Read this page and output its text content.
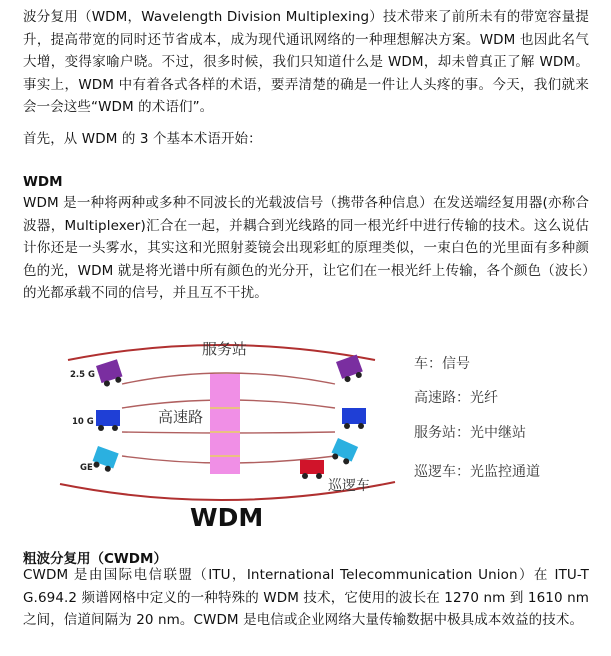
波分复用（WDM，Wavelength Division Multiplexing）技术带来了前所未有的带宽容量提升，提高带宽的同时还节省成本，成为现代通讯网络的一种理想解决方案。WDM 也因此名气大增，变得家喻户晓。不过，很多时候，我们只知道什么是 WDM，却未曾真正了解 WDM。事实上，WDM 中有着各式各样的术语，要弄清楚的确是一件让人头疼的事。今天，我们就来会一会这些“WDM 的术语们”。

首先，从 WDM 的 3 个基本术语开始：

WDM

WDM 是一种将两种或多种不同波长的光载波信号（携带各种信息）在发送端经复用器(亦称合波器，Multiplexer)汇合在一起，并耦合到光线路的同一根光纤中进行传输的技术。这么说估计你还是一头雾水，其实这和光照射菱镜会出现彩虹的原理类似，一束白色的光里面有多种颜色的光，WDM 就是将光谱中所有颜色的光分开，让它们在一根光纤上传输，各个颜色（波长）的光都承载不同的信号，并且互不干扰。

服务站
高速路
巡逻车
2.5 G
10 G
GE
WDM
车：信号
高速路：光纤
服务站：光中继站
巡逻车：光监控通道

粗波分复用（CWDM）

CWDM 是由国际电信联盟（ITU，International Telecommunication Union）在 ITU-T G.694.2 频谱网格中定义的一种特殊的 WDM 技术，它使用的波长在 1270 nm 到 1610 nm 之间，信道间隔为 20 nm。CWDM 是电信或企业网络大量传输数据中极具成本效益的技术。
